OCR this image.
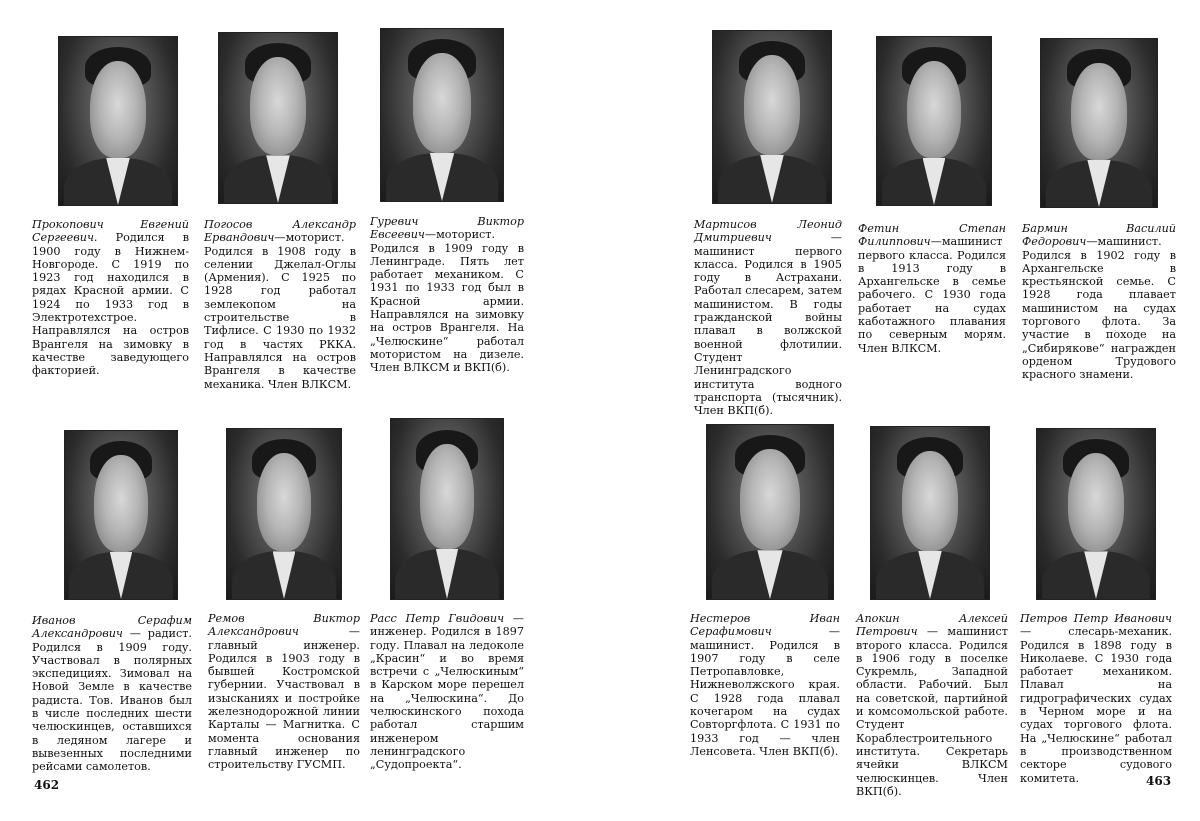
Прокопович Евгений Сергеевич. Родился в 1900 году в Нижнем-Новгороде. С 1919 по 1923 год находился в рядах Красной армии. С 1924 по 1933 год в Электротехстрое. Направлялся на остров Врангеля на зимовку в качестве заведующего факторией.

Погосов Александр Ервандович—моторист. Родился в 1908 году в селении Джелал-Оглы (Армения). С 1925 по 1928 год работал землекопом на строительстве в Тифлисе. С 1930 по 1932 год в частях РККА. Направлялся на остров Врангеля в качестве механика. Член ВЛКСМ.

Гуревич Виктор Евсеевич—моторист. Родился в 1909 году в Ленинграде. Пять лет работает механиком. С 1931 по 1933 год был в Красной армии. Направлялся на зимовку на остров Врангеля. На „Челюскине“ работал мотористом на дизеле. Член ВЛКСМ и ВКП(б).

Мартисов Леонид Дмитриевич — машинист первого класса. Родился в 1905 году в Астрахани. Работал слесарем, затем машинистом. В годы гражданской войны плавал в волжской военной флотилии. Студент Ленинградского института водного транспорта (тысячник). Член ВКП(б).

Фетин Степан Филиппович—машинист первого класса. Родился в 1913 году в Архангельске в семье рабочего. С 1930 года работает на судах каботажного плавания по северным морям. Член ВЛКСМ.

Бармин Василий Федорович—машинист. Родился в 1902 году в Архангельске в крестьянской семье. С 1928 года плавает машинистом на судах торгового флота. За участие в походе на „Сибирякове“ награжден орденом Трудового красного знамени.

Иванов Серафим Александрович — радист. Родился в 1909 году. Участвовал в полярных экспедициях. Зимовал на Новой Земле в качестве радиста. Тов. Иванов был в числе последних шести челюскинцев, оставшихся в ледяном лагере и вывезенных последними рейсами самолетов.

Ремов Виктор Александрович — главный инженер. Родился в 1903 году в бывшей Костромской губернии. Участвовал в изысканиях и постройке железнодорожной линии Карталы — Магнитка. С момента основания главный инженер по строительству ГУСМП.

Расс Петр Гвидович — инженер. Родился в 1897 году. Плавал на ледоколе „Красин“ и во время встречи с „Челюскиным“ в Карском море перешел на „Челюскина“. До челюскинского похода работал старшим инженером ленинградского „Судопроекта“.

Нестеров Иван Серафимович — машинист. Родился в 1907 году в селе Петропавловке, Нижневолжского края. С 1928 года плавал кочегаром на судах Совторгфлота. С 1931 по 1933 год — член Ленсовета. Член ВКП(б).

Апокин Алексей Петрович — машинист второго класса. Родился в 1906 году в поселке Сукремль, Западной области. Рабочий. Был на советской, партийной и комсомольской работе. Студент Кораблестроительного института. Секретарь ячейки ВЛКСМ челюскинцев. Член ВКП(б).

Петров Петр Иванович — слесарь-механик. Родился в 1898 году в Николаеве. С 1930 года работает механиком. Плавал на гидрографических судах в Черном море и на судах торгового флота. На „Челюскине“ работал в производственном секторе судового комитета.

462	463
